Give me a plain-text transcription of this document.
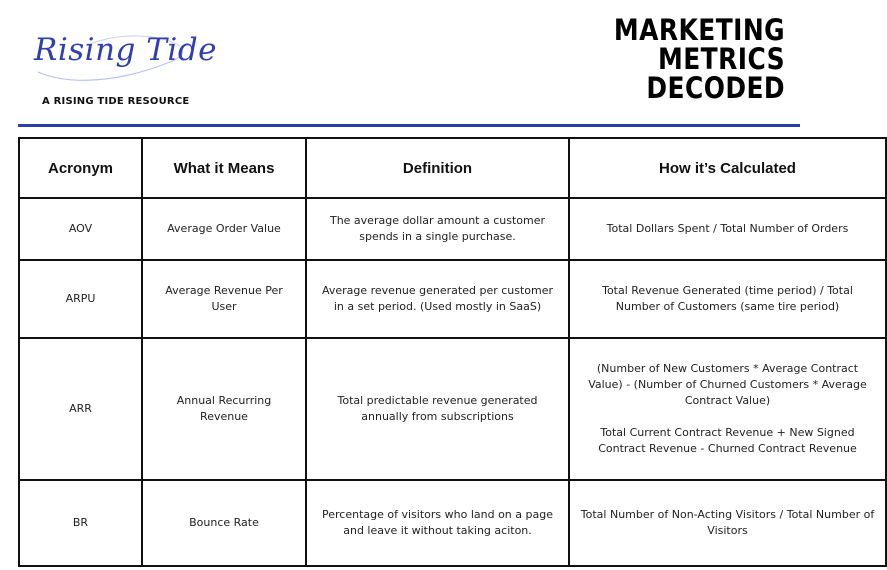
Rising Tide
A RISING TIDE RESOURCE
MARKETING
METRICS
DECODED
Acronym	What it Means	Definition	How it’s Calculated
AOV	Average Order Value	The average dollar amount a customer spends in a single purchase.	Total Dollars Spent / Total Number of Orders
ARPU	Average Revenue Per User	Average revenue generated per customer in a set period. (Used mostly in SaaS)	Total Revenue Generated (time period) / Total Number of Customers (same tire period)
ARR	Annual Recurring Revenue	Total predictable revenue generated annually from subscriptions	(Number of New Customers * Average Contract Value) - (Number of Churned Customers * Average Contract Value)
Total Current Contract Revenue + New Signed Contract Revenue - Churned Contract Revenue
BR	Bounce Rate	Percentage of visitors who land on a page and leave it without taking aciton.	Total Number of Non-Acting Visitors / Total Number of Visitors
